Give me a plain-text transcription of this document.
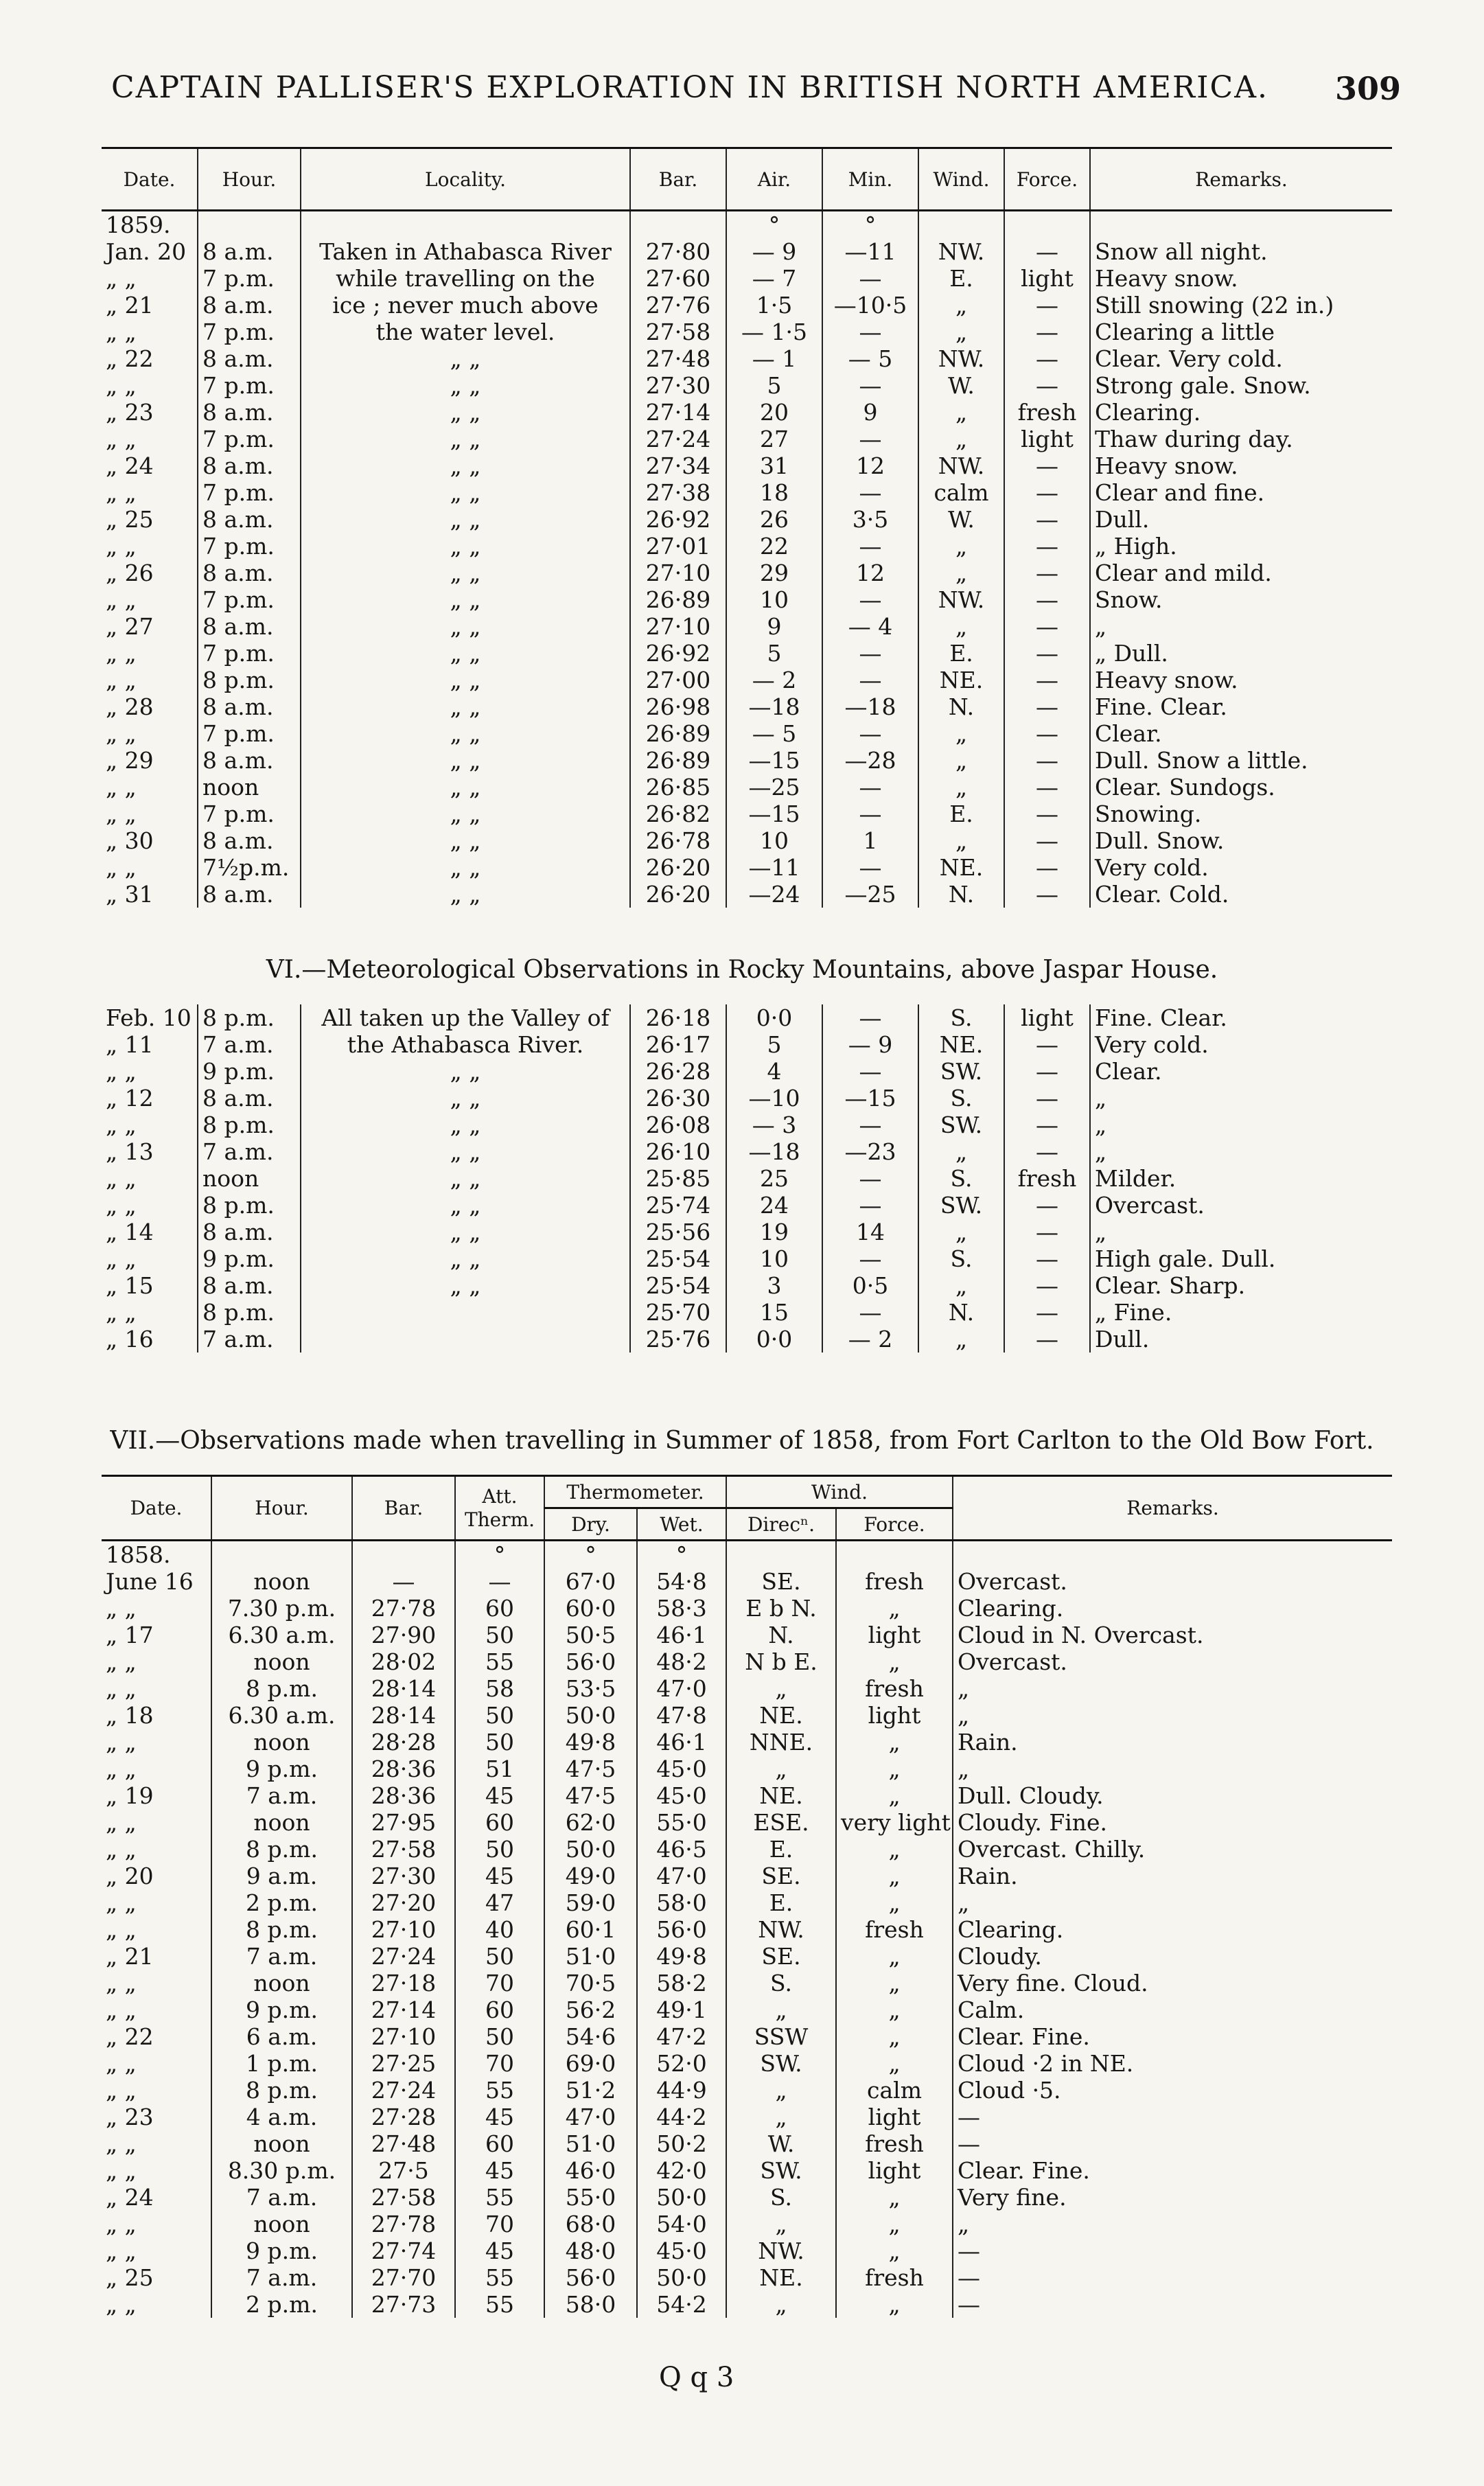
CAPTAIN PALLISER'S EXPLORATION IN BRITISH NORTH AMERICA.	309
Date.	Hour.	Locality.	Bar.	Air.	Min.	Wind.	Force.	Remarks.
1859.				°	°			
Jan. 20	8 a.m.	Taken in Athabasca River	27·80	— 9	—11	NW.	—	Snow all night.
„ „	7 p.m.	while travelling on the	27·60	— 7	—	E.	light	Heavy snow.
„ 21	8 a.m.	ice ; never much above	27·76	1·5	—10·5	„	—	Still snowing (22 in.)
„ „	7 p.m.	the water level.	27·58	— 1·5	—	„	—	Clearing a little
„ 22	8 a.m.	„ „	27·48	— 1	— 5	NW.	—	Clear. Very cold.
„ „	7 p.m.	„ „	27·30	5	—	W.	—	Strong gale. Snow.
„ 23	8 a.m.	„ „	27·14	20	9	„	fresh	Clearing.
„ „	7 p.m.	„ „	27·24	27	—	„	light	Thaw during day.
„ 24	8 a.m.	„ „	27·34	31	12	NW.	—	Heavy snow.
„ „	7 p.m.	„ „	27·38	18	—	calm	—	Clear and fine.
„ 25	8 a.m.	„ „	26·92	26	3·5	W.	—	Dull.
„ „	7 p.m.	„ „	27·01	22	—	„	—	„ High.
„ 26	8 a.m.	„ „	27·10	29	12	„	—	Clear and mild.
„ „	7 p.m.	„ „	26·89	10	—	NW.	—	Snow.
„ 27	8 a.m.	„ „	27·10	9	— 4	„	—	„
„ „	7 p.m.	„ „	26·92	5	—	E.	—	„ Dull.
„ „	8 p.m.	„ „	27·00	— 2	—	NE.	—	Heavy snow.
„ 28	8 a.m.	„ „	26·98	—18	—18	N.	—	Fine. Clear.
„ „	7 p.m.	„ „	26·89	— 5	—	„	—	Clear.
„ 29	8 a.m.	„ „	26·89	—15	—28	„	—	Dull. Snow a little.
„ „	noon	„ „	26·85	—25	—	„	—	Clear. Sundogs.
„ „	7 p.m.	„ „	26·82	—15	—	E.	—	Snowing.
„ 30	8 a.m.	„ „	26·78	10	1	„	—	Dull. Snow.
„ „	7½p.m.	„ „	26·20	—11	—	NE.	—	Very cold.
„ 31	8 a.m.	„ „	26·20	—24	—25	N.	—	Clear. Cold.
VI.—Meteorological Observations in Rocky Mountains, above Jaspar House.
Feb. 10	8 p.m.	All taken up the Valley of	26·18	0·0	—	S.	light	Fine. Clear.
„ 11	7 a.m.	the Athabasca River.	26·17	5	— 9	NE.	—	Very cold.
„ „	9 p.m.	„ „	26·28	4	—	SW.	—	Clear.
„ 12	8 a.m.	„ „	26·30	—10	—15	S.	—	„
„ „	8 p.m.	„ „	26·08	— 3	—	SW.	—	„
„ 13	7 a.m.	„ „	26·10	—18	—23	„	—	„
„ „	noon	„ „	25·85	25	—	S.	fresh	Milder.
„ „	8 p.m.	„ „	25·74	24	—	SW.	—	Overcast.
„ 14	8 a.m.	„ „	25·56	19	14	„	—	„
„ „	9 p.m.	„ „	25·54	10	—	S.	—	High gale. Dull.
„ 15	8 a.m.	„ „	25·54	3	0·5	„	—	Clear. Sharp.
„ „	8 p.m.		25·70	15	—	N.	—	„ Fine.
„ 16	7 a.m.		25·76	0·0	— 2	„	—	Dull.
VII.—Observations made when travelling in Summer of 1858, from Fort Carlton to the Old Bow Fort.
Date.	Hour.	Bar.	Att. Therm.	Thermometer.		Wind.		Remarks.
				Dry.	Wet.	Direcⁿ.	Force.	
1858.			°	°	°			
June 16	noon	—	—	67·0	54·8	SE.	fresh	Overcast.
„ „	7.30 p.m.	27·78	60	60·0	58·3	E b N.	„	Clearing.
„ 17	6.30 a.m.	27·90	50	50·5	46·1	N.	light	Cloud in N. Overcast.
„ „	noon	28·02	55	56·0	48·2	N b E.	„	Overcast.
„ „	8 p.m.	28·14	58	53·5	47·0	„	fresh	„
„ 18	6.30 a.m.	28·14	50	50·0	47·8	NE.	light	„
„ „	noon	28·28	50	49·8	46·1	NNE.	„	Rain.
„ „	9 p.m.	28·36	51	47·5	45·0	„	„	„
„ 19	7 a.m.	28·36	45	47·5	45·0	NE.	„	Dull. Cloudy.
„ „	noon	27·95	60	62·0	55·0	ESE.	very light	Cloudy. Fine.
„ „	8 p.m.	27·58	50	50·0	46·5	E.	„	Overcast. Chilly.
„ 20	9 a.m.	27·30	45	49·0	47·0	SE.	„	Rain.
„ „	2 p.m.	27·20	47	59·0	58·0	E.	„	„
„ „	8 p.m.	27·10	40	60·1	56·0	NW.	fresh	Clearing.
„ 21	7 a.m.	27·24	50	51·0	49·8	SE.	„	Cloudy.
„ „	noon	27·18	70	70·5	58·2	S.	„	Very fine. Cloud.
„ „	9 p.m.	27·14	60	56·2	49·1	„	„	Calm.
„ 22	6 a.m.	27·10	50	54·6	47·2	SSW	„	Clear. Fine.
„ „	1 p.m.	27·25	70	69·0	52·0	SW.	„	Cloud ·2 in NE.
„ „	8 p.m.	27·24	55	51·2	44·9	„	calm	Cloud ·5.
„ 23	4 a.m.	27·28	45	47·0	44·2	„	light	—
„ „	noon	27·48	60	51·0	50·2	W.	fresh	—
„ „	8.30 p.m.	27·5	45	46·0	42·0	SW.	light	Clear. Fine.
„ 24	7 a.m.	27·58	55	55·0	50·0	S.	„	Very fine.
„ „	noon	27·78	70	68·0	54·0	„	„	„
„ „	9 p.m.	27·74	45	48·0	45·0	NW.	„	—
„ 25	7 a.m.	27·70	55	56·0	50·0	NE.	fresh	—
„ „	2 p.m.	27·73	55	58·0	54·2	„	„	—
Q q 3
